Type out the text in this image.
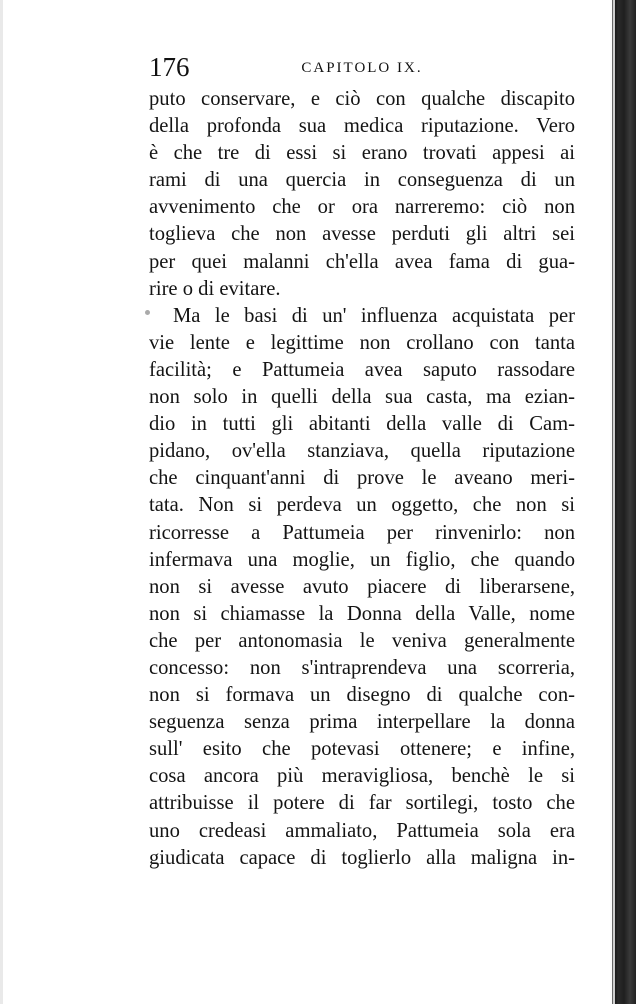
176	CAPITOLO IX.
puto conservare, e ciò con qualche discapito
della profonda sua medica riputazione. Vero
è che tre di essi si erano trovati appesi ai
rami di una quercia in conseguenza di un
avvenimento che or ora narreremo: ciò non
toglieva che non avesse perduti gli altri sei
per quei malanni ch'ella avea fama di gua-
rire o di evitare.
Ma le basi di un' influenza acquistata per
vie lente e legittime non crollano con tanta
facilità; e Pattumeia avea saputo rassodare
non solo in quelli della sua casta, ma ezian-
dio in tutti gli abitanti della valle di Cam-
pidano, ov'ella stanziava, quella riputazione
che cinquant'anni di prove le aveano meri-
tata. Non si perdeva un oggetto, che non si
ricorresse a Pattumeia per rinvenirlo: non
infermava una moglie, un figlio, che quando
non si avesse avuto piacere di liberarsene,
non si chiamasse la Donna della Valle, nome
che per antonomasia le veniva generalmente
concesso: non s'intraprendeva una scorreria,
non si formava un disegno di qualche con-
seguenza senza prima interpellare la donna
sull' esito che potevasi ottenere; e infine,
cosa ancora più meravigliosa, benchè le si
attribuisse il potere di far sortilegi, tosto che
uno credeasi ammaliato, Pattumeia sola era
giudicata capace di toglierlo alla maligna in-
